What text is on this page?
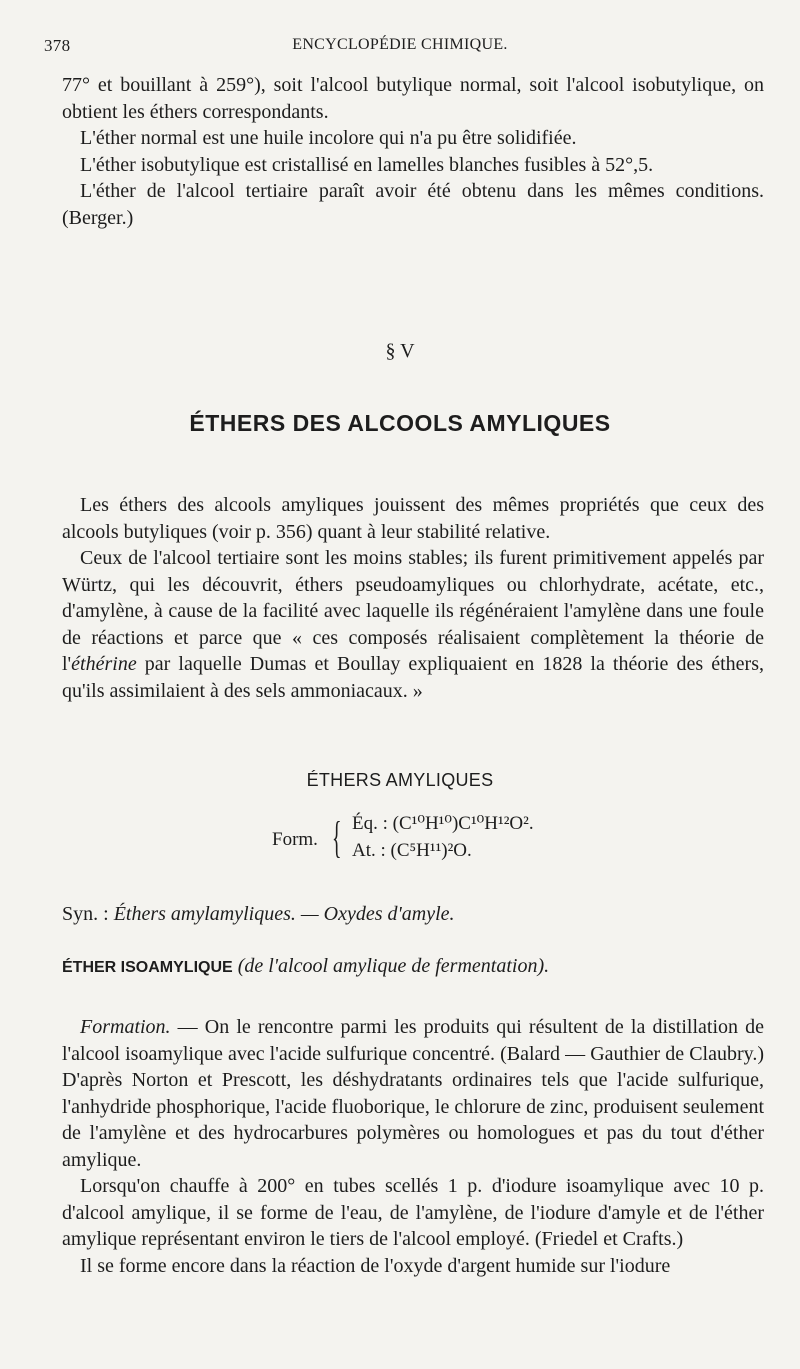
378	ENCYCLOPÉDIE CHIMIQUE.

77° et bouillant à 259°), soit l'alcool butylique normal, soit l'alcool isobutylique, on obtient les éthers correspondants.

L'éther normal est une huile incolore qui n'a pu être solidifiée.

L'éther isobutylique est cristallisé en lamelles blanches fusibles à 52°,5.

L'éther de l'alcool tertiaire paraît avoir été obtenu dans les mêmes conditions. (Berger.)

§ V
ÉTHERS DES ALCOOLS AMYLIQUES

Les éthers des alcools amyliques jouissent des mêmes propriétés que ceux des alcools butyliques (voir p. 356) quant à leur stabilité relative.

Ceux de l'alcool tertiaire sont les moins stables; ils furent primitivement appelés par Würtz, qui les découvrit, éthers pseudoamyliques ou chlorhydrate, acétate, etc., d'amylène, à cause de la facilité avec laquelle ils régénéraient l'amylène dans une foule de réactions et parce que « ces composés réalisaient complètement la théorie de l'éthérine par laquelle Dumas et Boullay expliquaient en 1828 la théorie des éthers, qu'ils assimilaient à des sels ammoniacaux. »

ÉTHERS AMYLIQUES
Form. { Éq. : (C¹⁰H¹⁰)C¹⁰H¹²O².
At. : (C⁵H¹¹)²O.
Syn. : Éthers amylamyliques. — Oxydes d'amyle.
ÉTHER ISOAMYLIQUE (de l'alcool amylique de fermentation).

Formation. — On le rencontre parmi les produits qui résultent de la distillation de l'alcool isoamylique avec l'acide sulfurique concentré. (Balard — Gauthier de Claubry.) D'après Norton et Prescott, les déshydratants ordinaires tels que l'acide sulfurique, l'anhydride phosphorique, l'acide fluoborique, le chlorure de zinc, produisent seulement de l'amylène et des hydrocarbures polymères ou homologues et pas du tout d'éther amylique.

Lorsqu'on chauffe à 200° en tubes scellés 1 p. d'iodure isoamylique avec 10 p. d'alcool amylique, il se forme de l'eau, de l'amylène, de l'iodure d'amyle et de l'éther amylique représentant environ le tiers de l'alcool employé. (Friedel et Crafts.)

Il se forme encore dans la réaction de l'oxyde d'argent humide sur l'iodure
